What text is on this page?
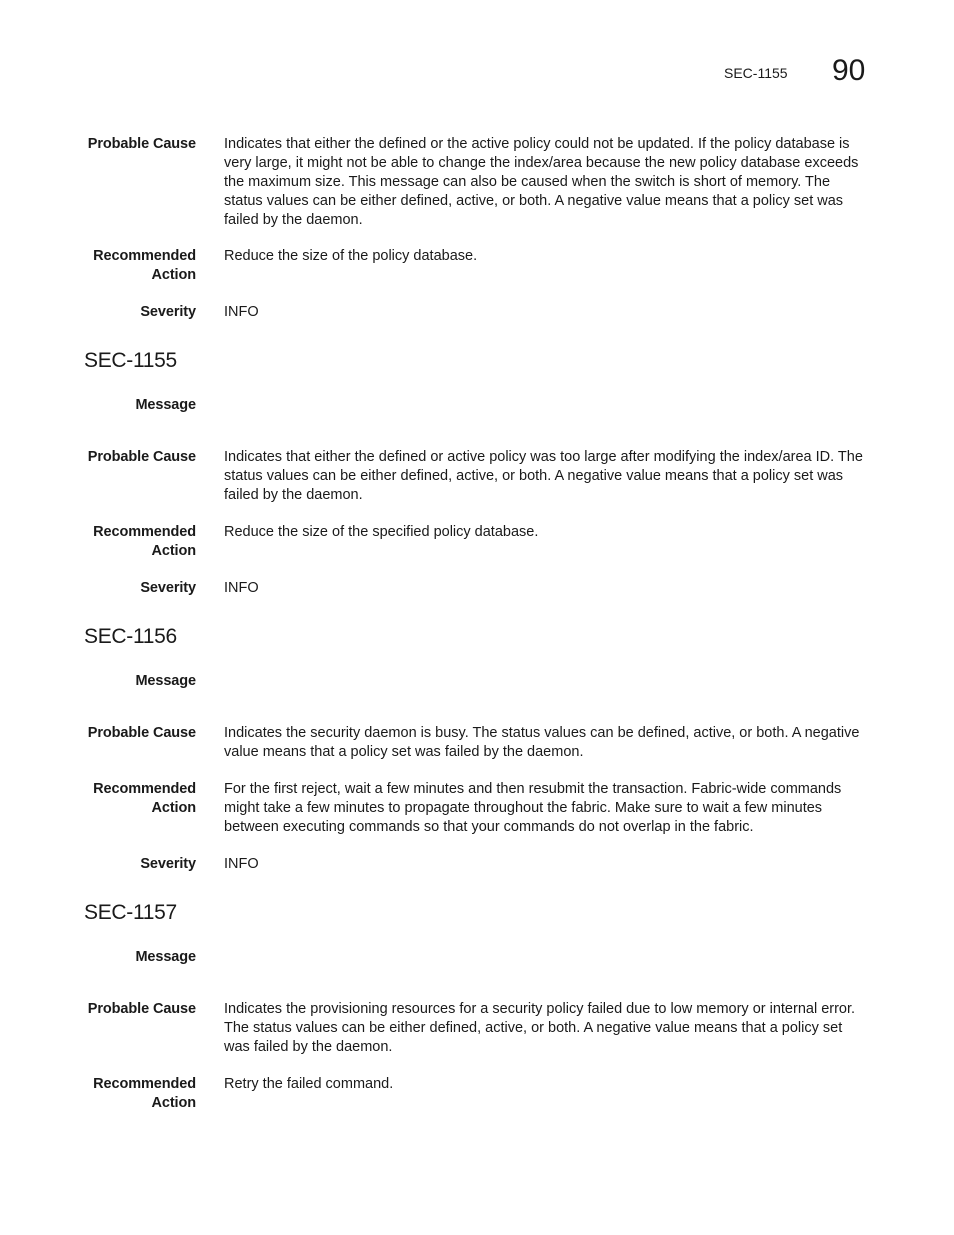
SEC-1155 90
Probable Cause Indicates that either the defined or the active policy could not be updated. If the policy database is very large, it might not be able to change the index/area because the new policy database exceeds the maximum size. This message can also be caused when the switch is short of memory. The status values can be either defined, active, or both. A negative value means that a policy set was failed by the daemon.
Recommended
Action
Reduce the size of the policy database.
Severity INFO
SEC-1155
Message
Probable Cause Indicates that either the defined or active policy was too large after modifying the index/area ID. The status values can be either defined, active, or both. A negative value means that a policy set was failed by the daemon.
Recommended
Action
Reduce the size of the specified policy database.
Severity INFO
SEC-1156
Message
Probable Cause Indicates the security daemon is busy. The status values can be defined, active, or both. A negative value means that a policy set was failed by the daemon.
Recommended
Action
For the first reject, wait a few minutes and then resubmit the transaction. Fabric-wide commands might take a few minutes to propagate throughout the fabric. Make sure to wait a few minutes between executing commands so that your commands do not overlap in the fabric.
Severity INFO
SEC-1157
Message
Probable Cause Indicates the provisioning resources for a security policy failed due to low memory or internal error. The status values can be either defined, active, or both. A negative value means that a policy set was failed by the daemon.
Recommended
Action
Retry the failed command.
